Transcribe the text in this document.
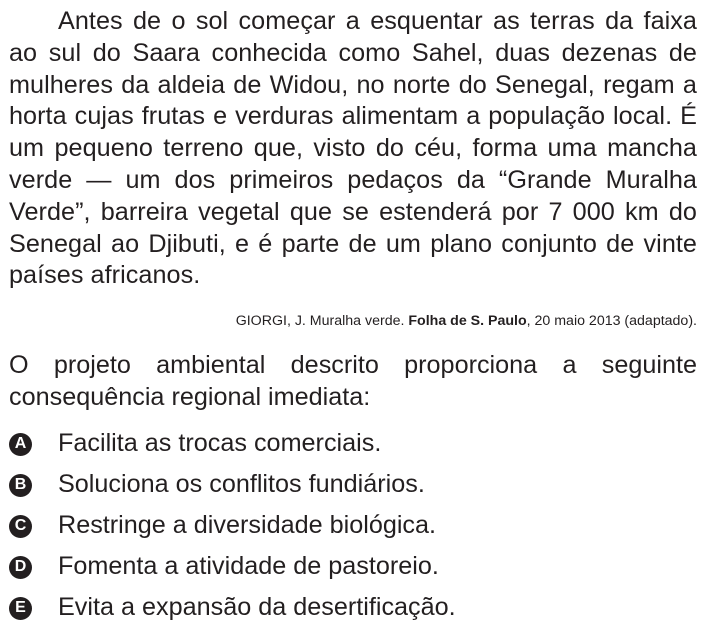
Antes de o sol começar a esquentar as terras da faixa ao sul do Saara conhecida como Sahel, duas dezenas de mulheres da aldeia de Widou, no norte do Senegal, regam a horta cujas frutas e verduras alimentam a população local. É um pequeno terreno que, visto do céu, forma uma mancha verde — um dos primeiros pedaços da “Grande Muralha Verde”, barreira vegetal que se estenderá por 7 000 km do Senegal ao Djibuti, e é parte de um plano conjunto de vinte países africanos.

GIORGI, J. Muralha verde. Folha de S. Paulo, 20 maio 2013 (adaptado).

O projeto ambiental descrito proporciona a seguinte consequência regional imediata:

A Facilita as trocas comerciais.
B Soluciona os conflitos fundiários.
C Restringe a diversidade biológica.
D Fomenta a atividade de pastoreio.
E Evita a expansão da desertificação.
